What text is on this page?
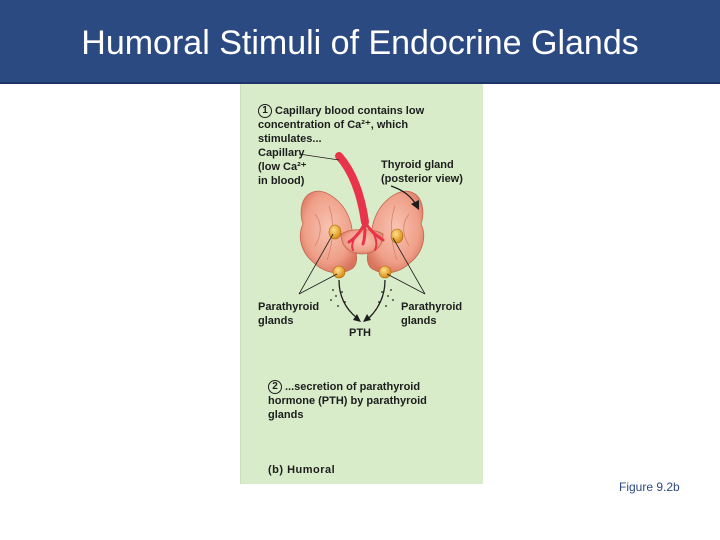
Humoral Stimuli of Endocrine Glands

1 Capillary blood contains low
concentration of Ca²⁺, which
stimulates...

Capillary
(low Ca²⁺
in blood)
Thyroid gland
(posterior view)
Parathyroid
glands
Parathyroid
glands
PTH

2 ...secretion of parathyroid
hormone (PTH) by parathyroid
glands

(b) Humoral
Figure 9.2b
